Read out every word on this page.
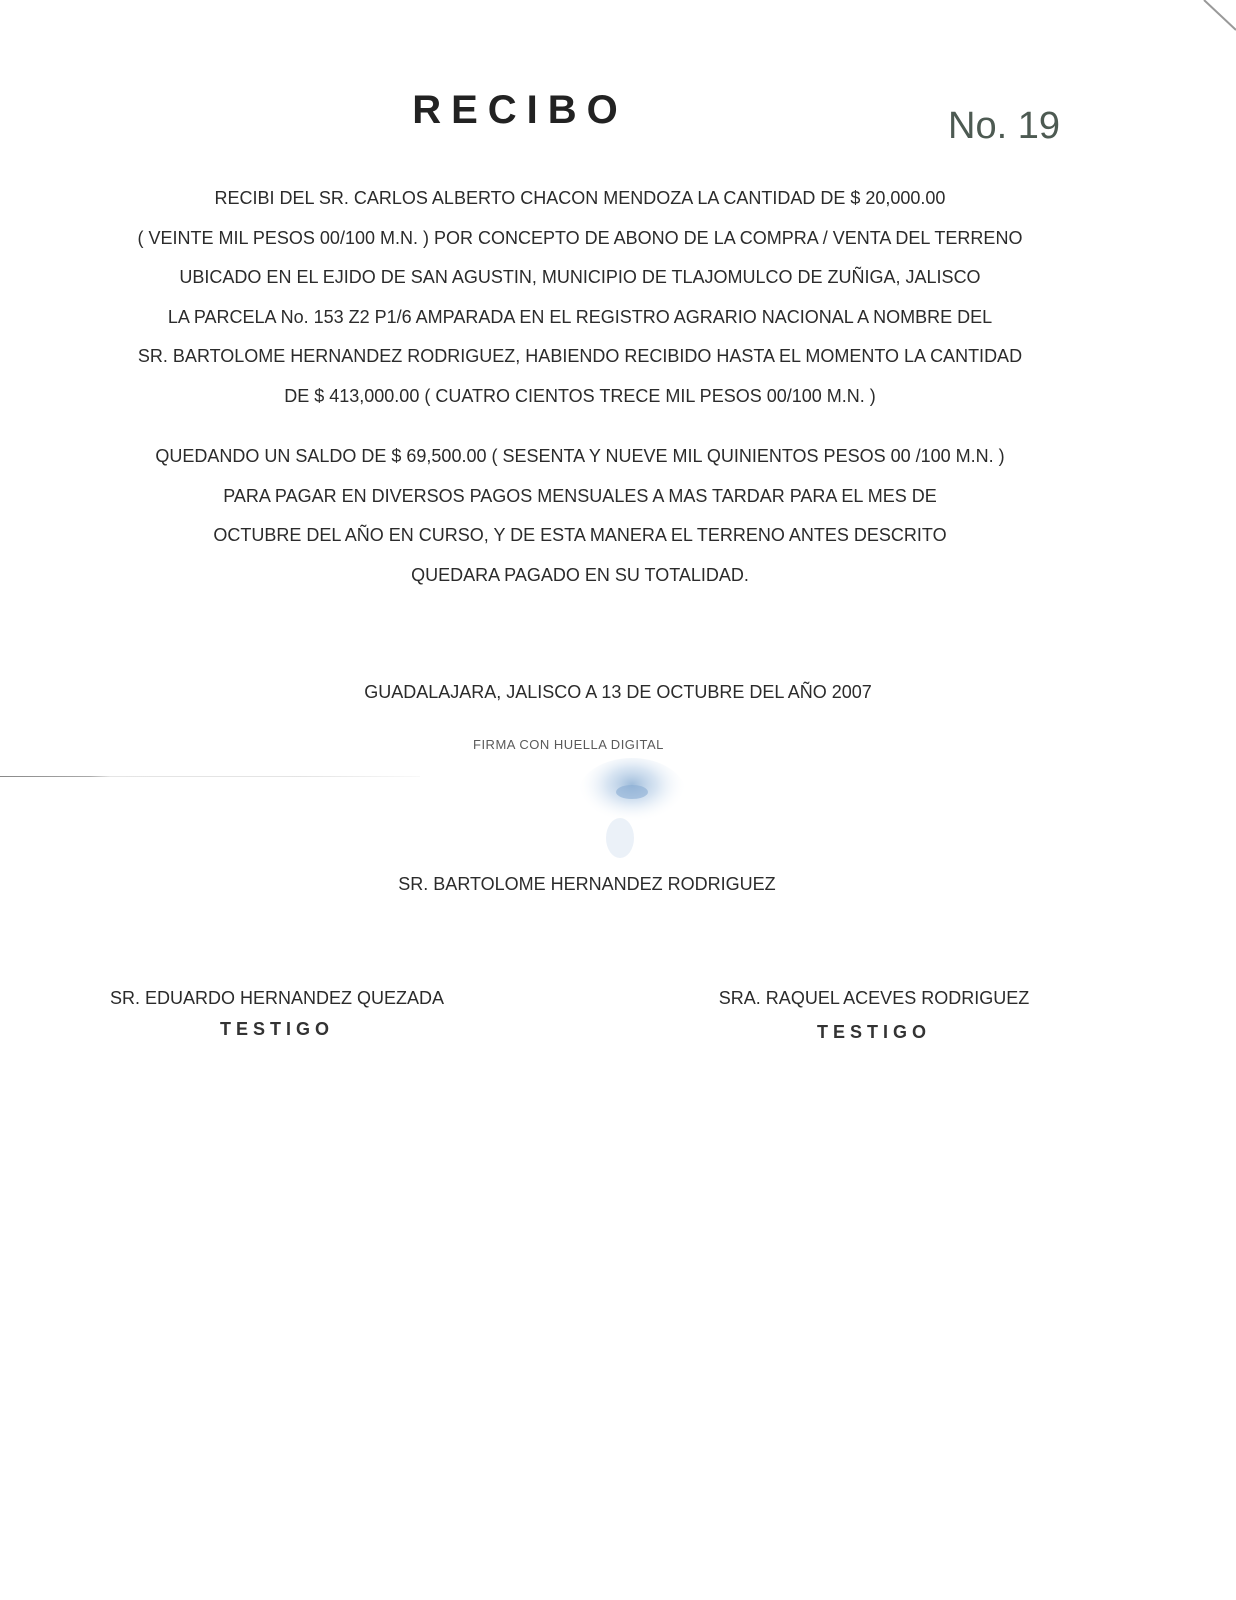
RECIBO	No. 19
RECIBI DEL SR. CARLOS ALBERTO CHACON MENDOZA LA CANTIDAD DE $ 20,000.00
( VEINTE MIL PESOS 00/100 M.N. ) POR CONCEPTO DE ABONO DE LA COMPRA / VENTA DEL TERRENO
UBICADO EN EL EJIDO DE SAN AGUSTIN, MUNICIPIO DE TLAJOMULCO DE ZUÑIGA, JALISCO
LA PARCELA No. 153 Z2 P1/6 AMPARADA EN EL REGISTRO AGRARIO NACIONAL A NOMBRE DEL
SR. BARTOLOME HERNANDEZ RODRIGUEZ, HABIENDO RECIBIDO HASTA EL MOMENTO LA CANTIDAD
DE $ 413,000.00 ( CUATRO CIENTOS TRECE MIL PESOS 00/100 M.N. )
QUEDANDO UN SALDO DE $ 69,500.00 ( SESENTA Y NUEVE MIL QUINIENTOS PESOS 00 /100 M.N. )
PARA PAGAR EN DIVERSOS PAGOS MENSUALES A MAS TARDAR PARA EL MES DE
OCTUBRE DEL AÑO EN CURSO, Y DE ESTA MANERA EL TERRENO ANTES DESCRITO
QUEDARA PAGADO EN SU TOTALIDAD.
GUADALAJARA, JALISCO A 13 DE OCTUBRE DEL AÑO 2007
FIRMA CON HUELLA DIGITAL
SR. BARTOLOME HERNANDEZ RODRIGUEZ
SR. EDUARDO HERNANDEZ QUEZADA
TESTIGO
SRA. RAQUEL ACEVES RODRIGUEZ
TESTIGO
